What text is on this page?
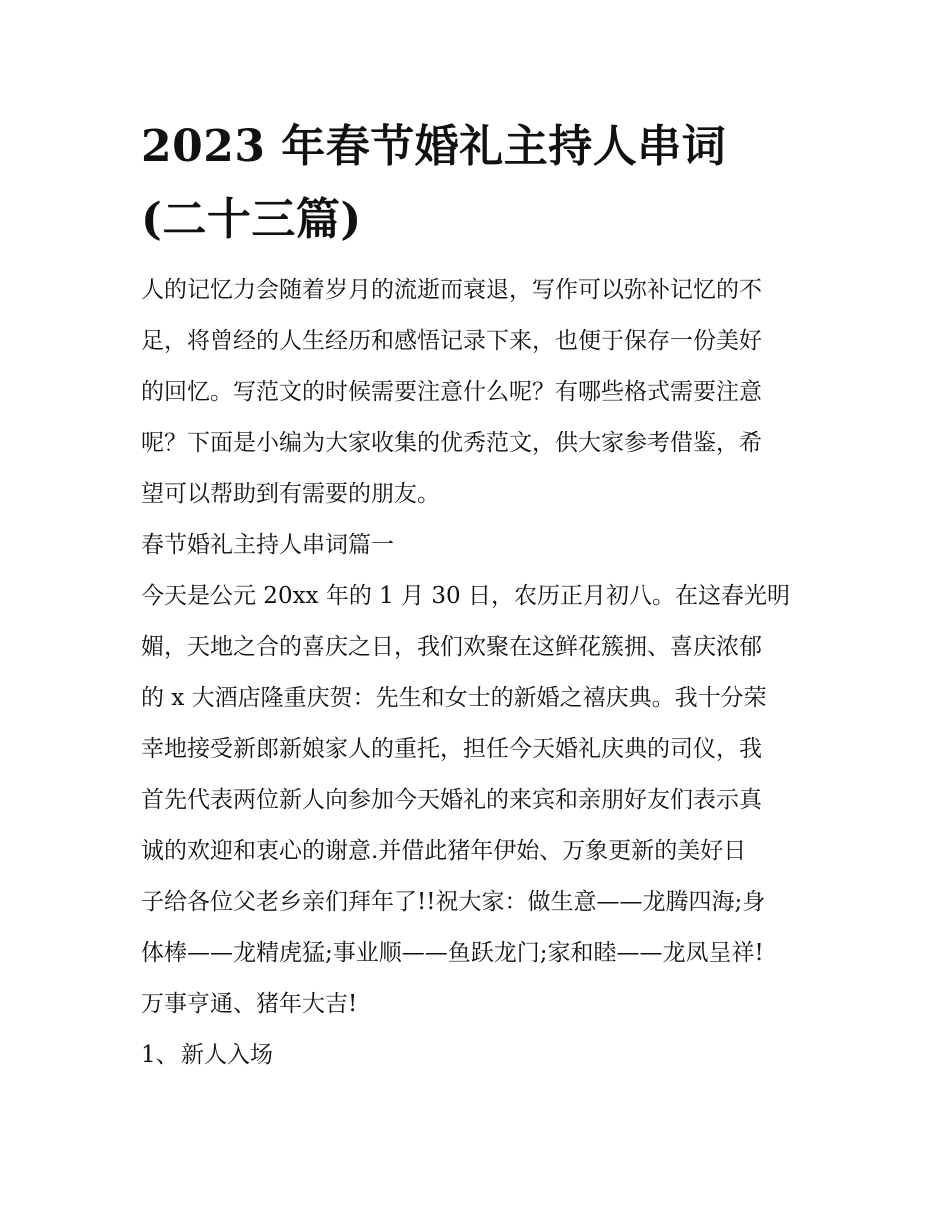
2023 年春节婚礼主持人串词
(二十三篇)
人的记忆力会随着岁月的流逝而衰退，写作可以弥补记忆的不
足，将曾经的人生经历和感悟记录下来，也便于保存一份美好
的回忆。写范文的时候需要注意什么呢？有哪些格式需要注意
呢？下面是小编为大家收集的优秀范文，供大家参考借鉴，希
望可以帮助到有需要的朋友。
春节婚礼主持人串词篇一
今天是公元 20xx 年的 1 月 30 日，农历正月初八。在这春光明
媚，天地之合的喜庆之日，我们欢聚在这鲜花簇拥、喜庆浓郁
的 x 大酒店隆重庆贺：先生和女士的新婚之禧庆典。我十分荣
幸地接受新郎新娘家人的重托，担任今天婚礼庆典的司仪，我
首先代表两位新人向参加今天婚礼的来宾和亲朋好友们表示真
诚的欢迎和衷心的谢意.并借此猪年伊始、万象更新的美好日
子给各位父老乡亲们拜年了!!祝大家：做生意——龙腾四海;身
体棒——龙精虎猛;事业顺——鱼跃龙门;家和睦——龙凤呈祥!
万事亨通、猪年大吉!
1、 新人入场
